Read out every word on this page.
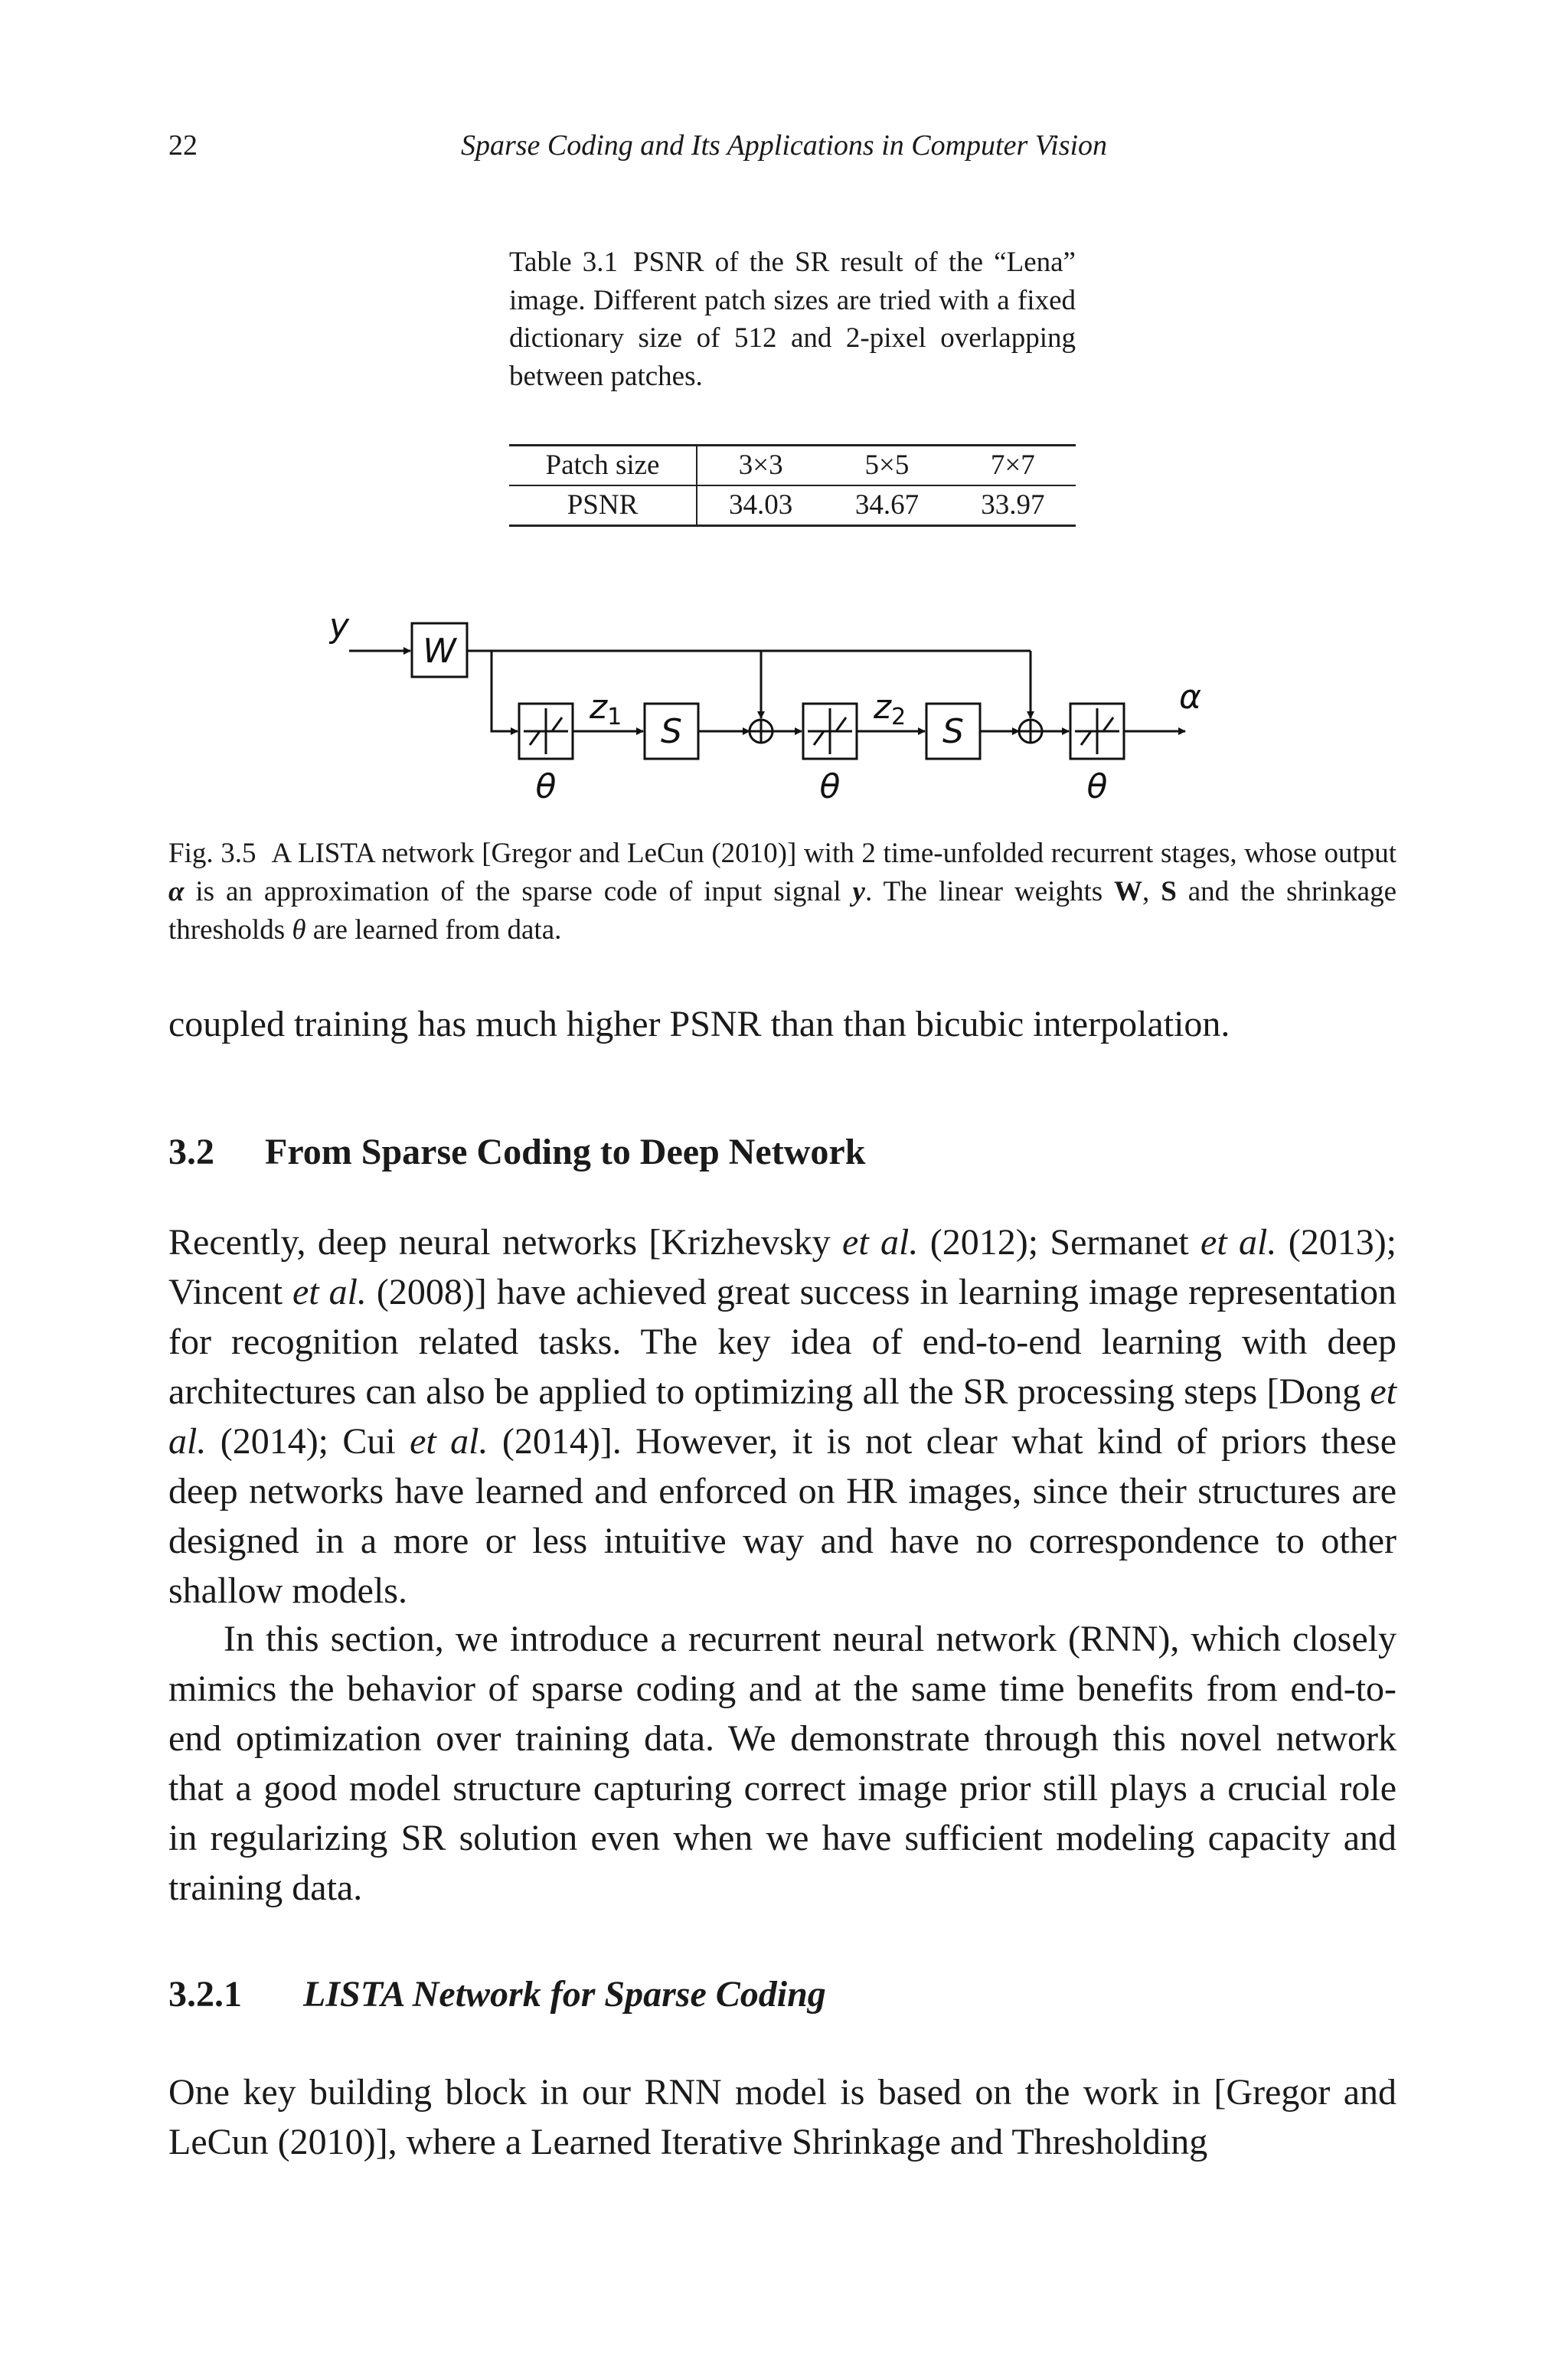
22	Sparse Coding and Its Applications in Computer Vision
Table 3.1 PSNR of the SR result of the “Lena” image. Different patch sizes are tried with a fixed dictionary size of 512 and 2-pixel overlapping between patches.
Patch size	3×3	5×5	7×7
PSNR	34.03	34.67	33.97
y
W
z1 S
z2 S
α
θ	θ	θ
Fig. 3.5 A LISTA network [Gregor and LeCun (2010)] with 2 time-unfolded recurrent stages, whose output α is an approximation of the sparse code of input signal y. The linear weights W, S and the shrinkage thresholds θ are learned from data.
coupled training has much higher PSNR than than bicubic interpolation.
3.2 From Sparse Coding to Deep Network
Recently, deep neural networks [Krizhevsky et al. (2012); Sermanet et al. (2013); Vincent et al. (2008)] have achieved great success in learning image representation for recognition related tasks. The key idea of end-to-end learning with deep architectures can also be applied to optimizing all the SR processing steps [Dong et al. (2014); Cui et al. (2014)]. However, it is not clear what kind of priors these deep networks have learned and enforced on HR images, since their structures are designed in a more or less intuitive way and have no correspondence to other shallow models.
In this section, we introduce a recurrent neural network (RNN), which closely mimics the behavior of sparse coding and at the same time benefits from end-to-end optimization over training data. We demonstrate through this novel network that a good model structure capturing correct image prior still plays a crucial role in regularizing SR solution even when we have sufficient modeling capacity and training data.
3.2.1 LISTA Network for Sparse Coding
One key building block in our RNN model is based on the work in [Gregor and LeCun (2010)], where a Learned Iterative Shrinkage and Thresholding
